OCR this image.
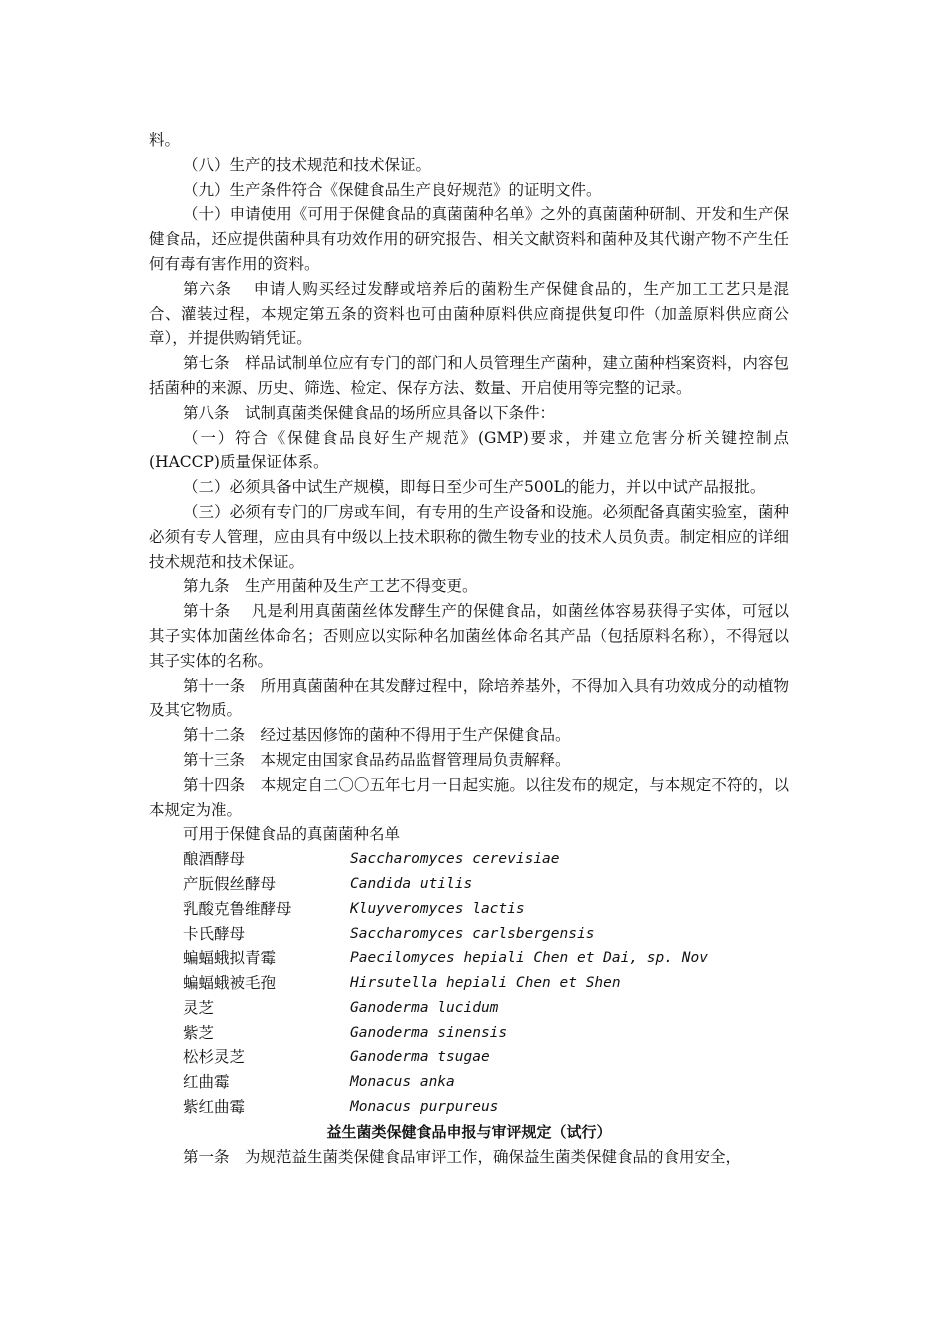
料。

（八）生产的技术规范和技术保证。

（九）生产条件符合《保健食品生产良好规范》的证明文件。

（十）申请使用《可用于保健食品的真菌菌种名单》之外的真菌菌种研制、开发和生产保健食品，还应提供菌种具有功效作用的研究报告、相关文献资料和菌种及其代谢产物不产生任何有毒有害作用的资料。

第六条　 申请人购买经过发酵或培养后的菌粉生产保健食品的，生产加工工艺只是混合、灌装过程，本规定第五条的资料也可由菌种原料供应商提供复印件（加盖原料供应商公章），并提供购销凭证。

第七条　样品试制单位应有专门的部门和人员管理生产菌种，建立菌种档案资料，内容包括菌种的来源、历史、筛选、检定、保存方法、数量、开启使用等完整的记录。

第八条　试制真菌类保健食品的场所应具备以下条件：

（一）符合《保健食品良好生产规范》(GMP)要求，并建立危害分析关键控制点(HACCP)质量保证体系。

（二）必须具备中试生产规模，即每日至少可生产500L的能力，并以中试产品报批。

（三）必须有专门的厂房或车间，有专用的生产设备和设施。必须配备真菌实验室，菌种必须有专人管理，应由具有中级以上技术职称的微生物专业的技术人员负责。制定相应的详细技术规范和技术保证。

第九条　生产用菌种及生产工艺不得变更。

第十条　 凡是利用真菌菌丝体发酵生产的保健食品，如菌丝体容易获得子实体，可冠以其子实体加菌丝体命名；否则应以实际种名加菌丝体命名其产品（包括原料名称），不得冠以其子实体的名称。

第十一条　所用真菌菌种在其发酵过程中，除培养基外，不得加入具有功效成分的动植物及其它物质。

第十二条　经过基因修饰的菌种不得用于生产保健食品。

第十三条　本规定由国家食品药品监督管理局负责解释。

第十四条　本规定自二〇〇五年七月一日起实施。以往发布的规定，与本规定不符的，以本规定为准。

可用于保健食品的真菌菌种名单

酿酒酵母	Saccharomyces cerevisiae
产朊假丝酵母	Candida utilis
乳酸克鲁维酵母	Kluyveromyces lactis
卡氏酵母	Saccharomyces carlsbergensis
蝙蝠蛾拟青霉	Paecilomyces hepiali Chen et Dai, sp. Nov
蝙蝠蛾被毛孢	Hirsutella hepiali Chen et Shen
灵芝	Ganoderma lucidum
紫芝	Ganoderma sinensis
松杉灵芝	Ganoderma tsugae
红曲霉	Monacus anka
紫红曲霉	Monacus purpureus

益生菌类保健食品申报与审评规定（试行）

第一条　为规范益生菌类保健食品审评工作，确保益生菌类保健食品的食用安全，
